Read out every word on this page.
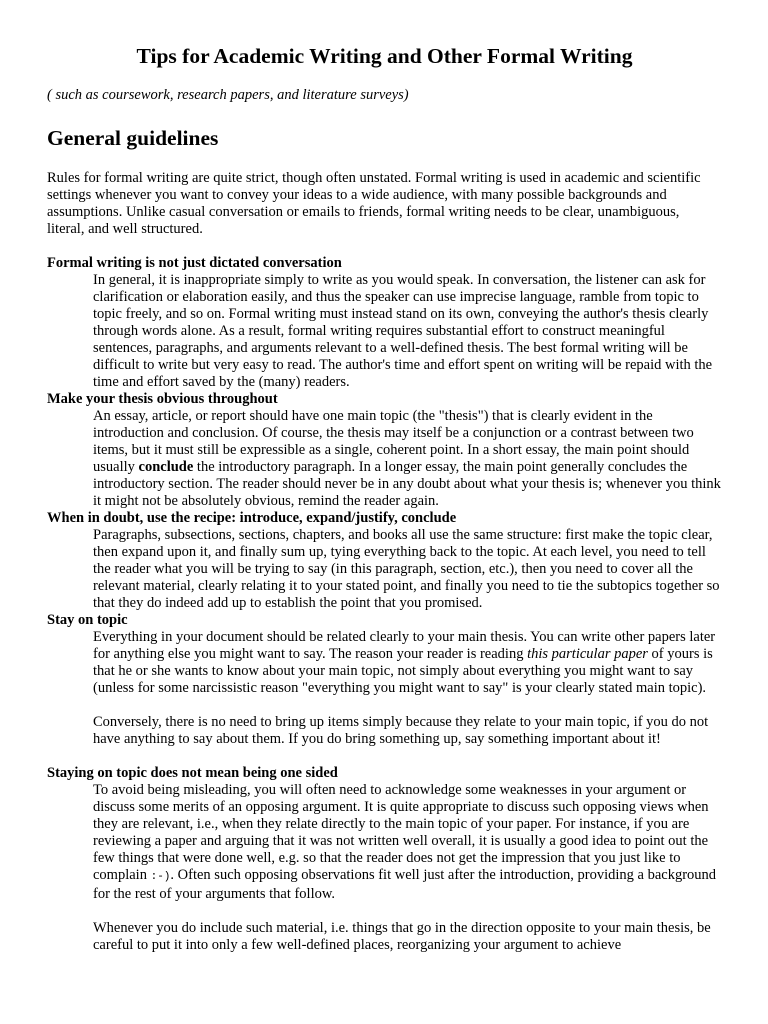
Tips for Academic Writing and Other Formal Writing

( such as coursework, research papers, and literature surveys)

General guidelines

Rules for formal writing are quite strict, though often unstated. Formal writing is used in academic and scientific settings whenever you want to convey your ideas to a wide audience, with many possible backgrounds and assumptions. Unlike casual conversation or emails to friends, formal writing needs to be clear, unambiguous, literal, and well structured.

Formal writing is not just dictated conversation

In general, it is inappropriate simply to write as you would speak. In conversation, the listener can ask for clarification or elaboration easily, and thus the speaker can use imprecise language, ramble from topic to topic freely, and so on. Formal writing must instead stand on its own, conveying the author's thesis clearly through words alone. As a result, formal writing requires substantial effort to construct meaningful sentences, paragraphs, and arguments relevant to a well-defined thesis. The best formal writing will be difficult to write but very easy to read. The author's time and effort spent on writing will be repaid with the time and effort saved by the (many) readers.

Make your thesis obvious throughout

An essay, article, or report should have one main topic (the "thesis") that is clearly evident in the introduction and conclusion. Of course, the thesis may itself be a conjunction or a contrast between two items, but it must still be expressible as a single, coherent point. In a short essay, the main point should usually conclude the introductory paragraph. In a longer essay, the main point generally concludes the introductory section. The reader should never be in any doubt about what your thesis is; whenever you think it might not be absolutely obvious, remind the reader again.

When in doubt, use the recipe: introduce, expand/justify, conclude

Paragraphs, subsections, sections, chapters, and books all use the same structure: first make the topic clear, then expand upon it, and finally sum up, tying everything back to the topic. At each level, you need to tell the reader what you will be trying to say (in this paragraph, section, etc.), then you need to cover all the relevant material, clearly relating it to your stated point, and finally you need to tie the subtopics together so that they do indeed add up to establish the point that you promised.

Stay on topic

Everything in your document should be related clearly to your main thesis. You can write other papers later for anything else you might want to say. The reason your reader is reading this particular paper of yours is that he or she wants to know about your main topic, not simply about everything you might want to say (unless for some narcissistic reason "everything you might want to say" is your clearly stated main topic).

Conversely, there is no need to bring up items simply because they relate to your main topic, if you do not have anything to say about them. If you do bring something up, say something important about it!

Staying on topic does not mean being one sided

To avoid being misleading, you will often need to acknowledge some weaknesses in your argument or discuss some merits of an opposing argument. It is quite appropriate to discuss such opposing views when they are relevant, i.e., when they relate directly to the main topic of your paper. For instance, if you are reviewing a paper and arguing that it was not written well overall, it is usually a good idea to point out the few things that were done well, e.g. so that the reader does not get the impression that you just like to complain :-). Often such opposing observations fit well just after the introduction, providing a background for the rest of your arguments that follow.

Whenever you do include such material, i.e. things that go in the direction opposite to your main thesis, be careful to put it into only a few well-defined places, reorganizing your argument to achieve
